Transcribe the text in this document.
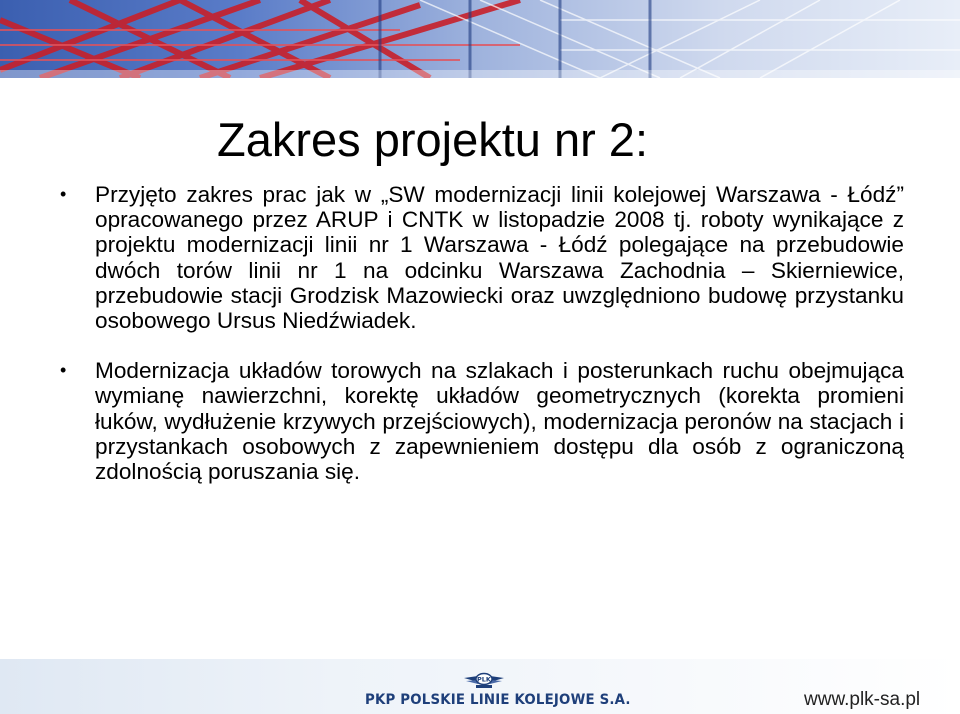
Zakres projektu nr 2:
• Przyjęto zakres prac jak w „SW modernizacji linii kolejowej Warszawa - Łódź” opracowanego przez ARUP i CNTK w listopadzie 2008 tj. roboty wynikające z projektu modernizacji linii nr 1 Warszawa - Łódź polegające na przebudowie dwóch torów linii nr 1 na odcinku Warszawa Zachodnia – Skierniewice, przebudowie stacji Grodzisk Mazowiecki oraz uwzględniono budowę przystanku osobowego Ursus Niedźwiadek.
• Modernizacja układów torowych na szlakach i posterunkach ruchu obejmująca wymianę nawierzchni, korektę układów geometrycznych (korekta promieni łuków, wydłużenie krzywych przejściowych), modernizacja peronów na stacjach i przystankach osobowych z zapewnieniem dostępu dla osób z ograniczoną zdolnością poruszania się.
PLK
PKP POLSKIE LINIE KOLEJOWE S.A.	www.plk-sa.pl
